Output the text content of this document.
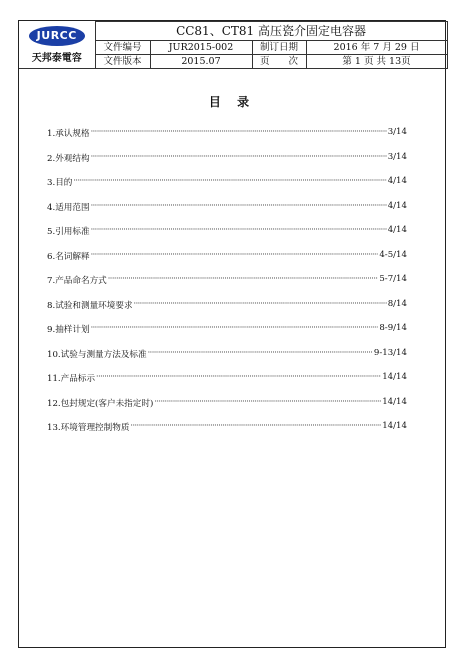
JURCC
天邦泰電容	CC81、CT81 高压瓷介固定电容器			
	文件编号	JUR2015-002	制订日期	2016 年 7 月 29 日
	文件版本	2015.07	页　　次	第 1 页 共 13页
目 录
1.承认规格 ·····	3/14
2.外观结构 ·····	3/14
3.目的 ·····	4/14
4.适用范围 ·····	4/14
5.引用标准 ·····	4/14
6.名词解释 ·····	4-5/14
7.产品命名方式 ·····	5-7/14
8.试验和测量环境要求 ·····	8/14
9.抽样计划 ·····	8-9/14
10.试验与测量方法及标准 ·····	9-13/14
11.产品标示 ·····	14/14
12.包封规定(客户未指定时) ·····	14/14
13.环境管理控制物质 ·····	14/14
